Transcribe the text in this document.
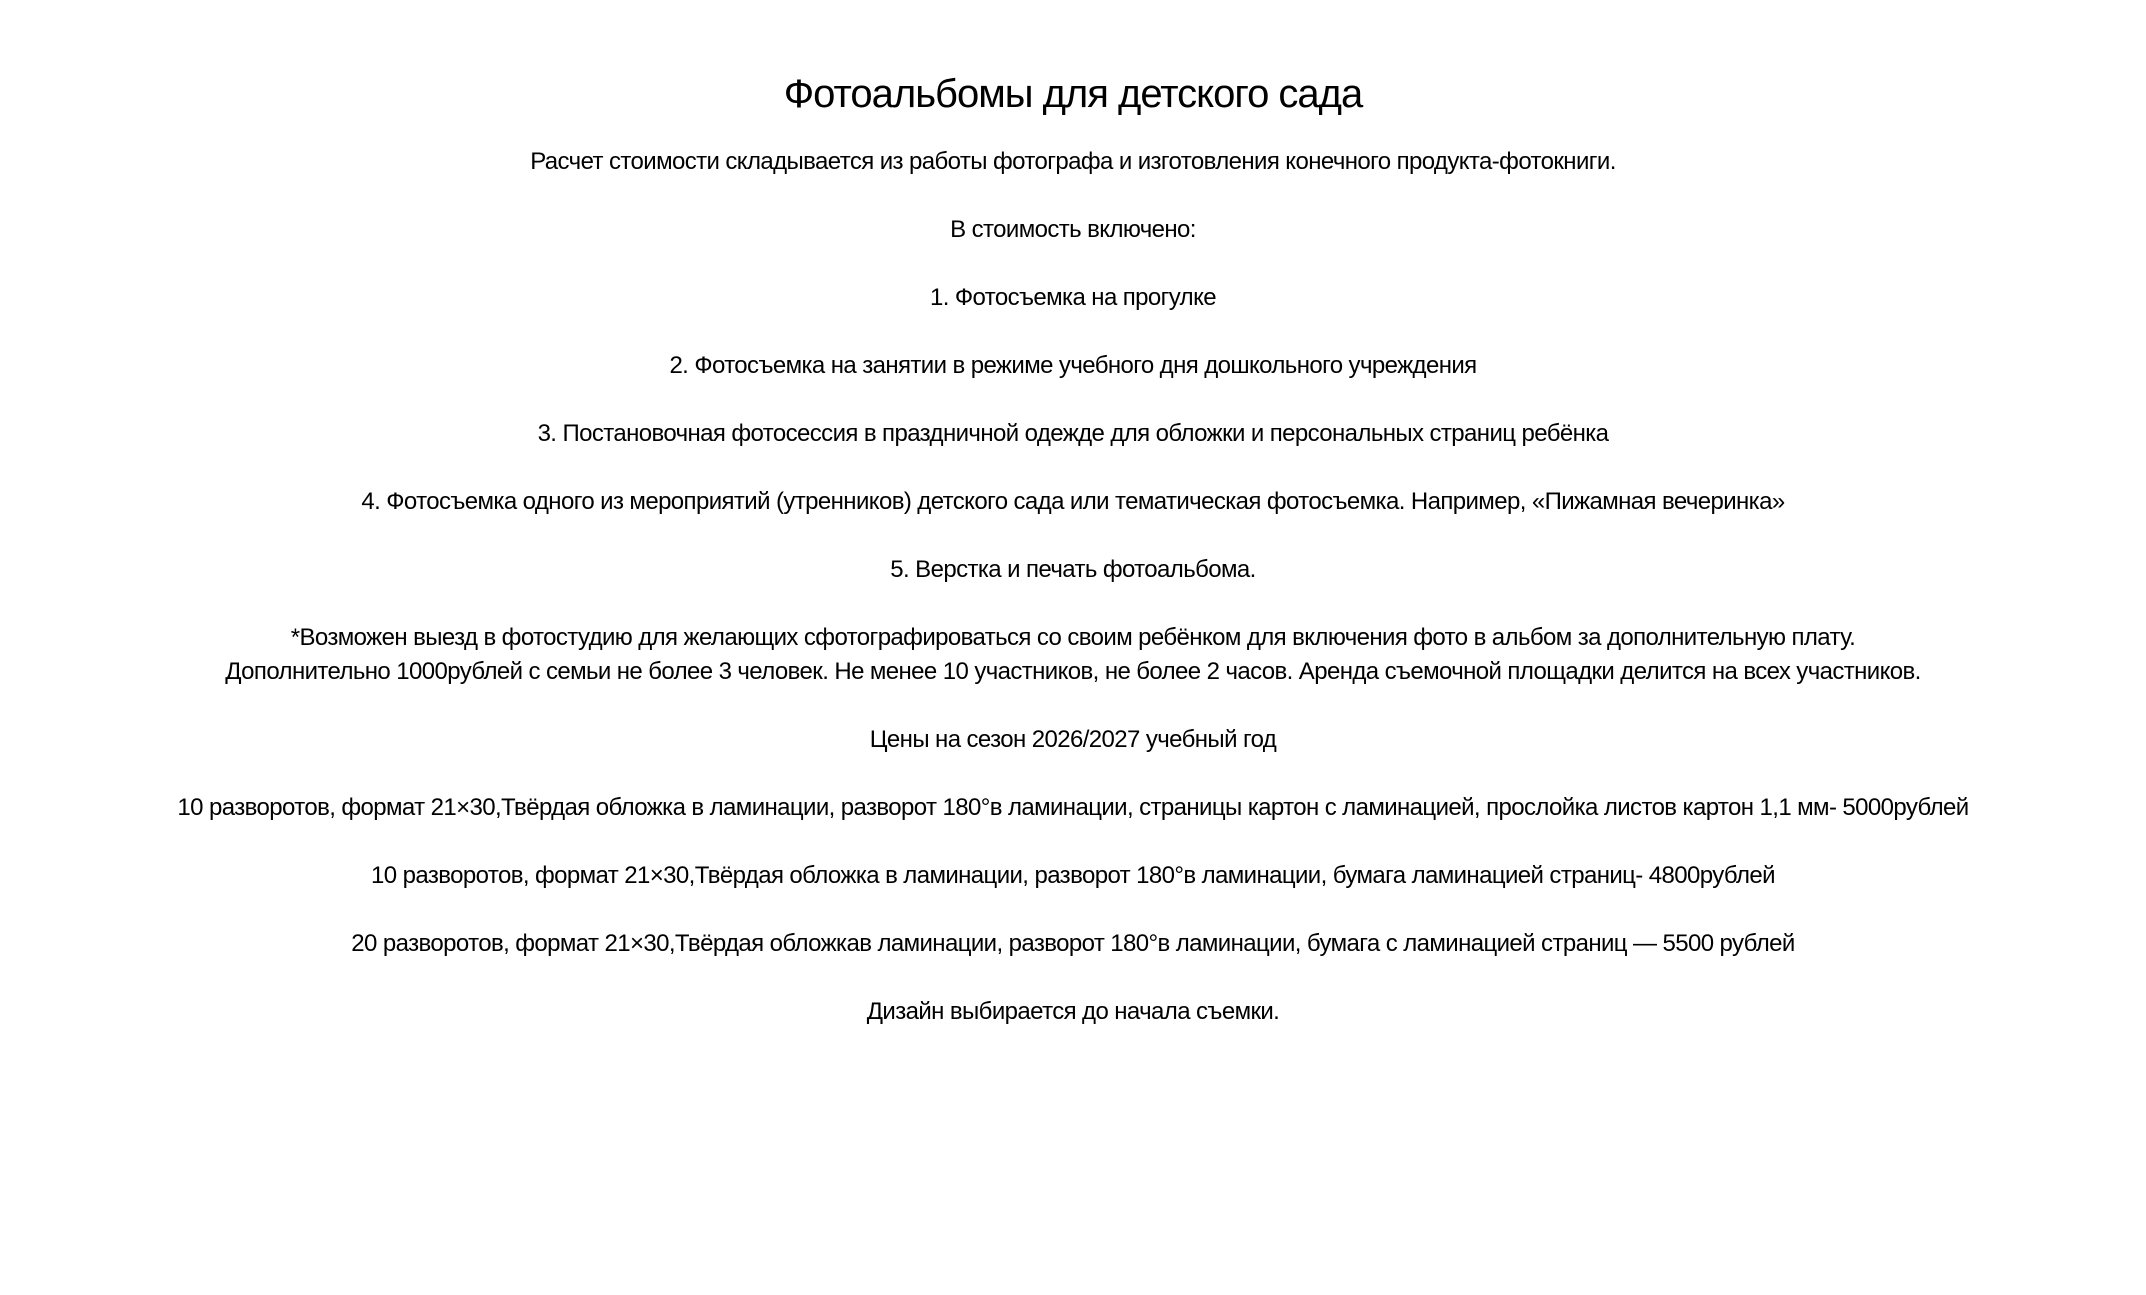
Фотоальбомы для детского сада

Расчет стоимости складывается из работы фотографа и изготовления конечного продукта-фотокниги.

В стоимость включено:

1. Фотосъемка на прогулке

2. Фотосъемка на занятии в режиме учебного дня дошкольного учреждения

3. Постановочная фотосессия в праздничной одежде для обложки и персональных страниц ребёнка

4. Фотосъемка одного из мероприятий (утренников) детского сада или тематическая фотосъемка. Например, «Пижамная вечеринка»

5. Верстка и печать фотоальбома.

*Возможен выезд в фотостудию для желающих сфотографироваться со своим ребёнком для включения фото в альбом за дополнительную плату.

Дополнительно 1000рублей с семьи не более 3 человек. Не менее 10 участников, не более 2 часов. Аренда съемочной площадки делится на всех участников.

Цены на сезон 2026/2027 учебный год

10 разворотов, формат 21×30,Твёрдая обложка в ламинации, разворот 180°в ламинации, страницы картон с ламинацией, прослойка листов картон 1,1 мм- 5000рублей

10 разворотов, формат 21×30,Твёрдая обложка в ламинации, разворот 180°в ламинации, бумага ламинацией страниц- 4800рублей

20 разворотов, формат 21×30,Твёрдая обложкав ламинации, разворот 180°в ламинации, бумага с ламинацией страниц — 5500 рублей

Дизайн выбирается до начала съемки.
